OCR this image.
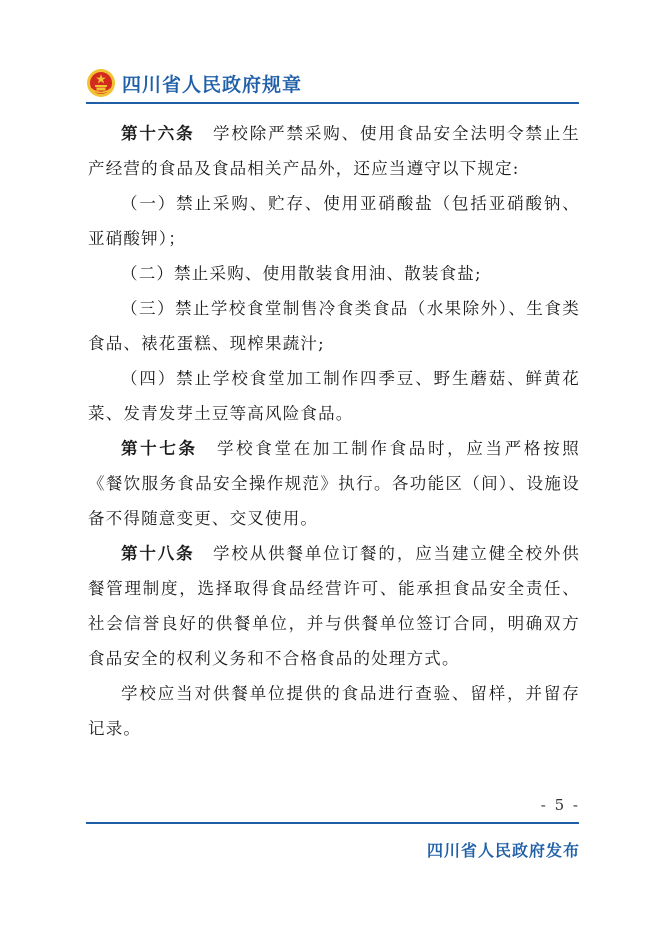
四川省人民政府规章

第十六条　 学校除严禁采购、使用食品安全法明令禁止生产经营的食品及食品相关产品外，还应当遵守以下规定:

（一）禁止采购、贮存、使用亚硝酸盐（包括亚硝酸钠、亚硝酸钾）；

（二）禁止采购、使用散装食用油、散装食盐;

（三）禁止学校食堂制售冷食类食品（水果除外）、生食类食品、裱花蛋糕、现榨果蔬汁;

（四）禁止学校食堂加工制作四季豆、野生蘑菇、鲜黄花菜、发青发芽土豆等高风险食品。

第十七条　 学校食堂在加工制作食品时，应当严格按照《餐饮服务食品安全操作规范》执行。各功能区（间）、设施设备不得随意变更、交叉使用。

第十八条　 学校从供餐单位订餐的，应当建立健全校外供餐管理制度，选择取得食品经营许可、能承担食品安全责任、社会信誉良好的供餐单位，并与供餐单位签订合同，明确双方食品安全的权利义务和不合格食品的处理方式。

学校应当对供餐单位提供的食品进行查验、留样，并留存记录。

- 5 -
四川省人民政府发布
